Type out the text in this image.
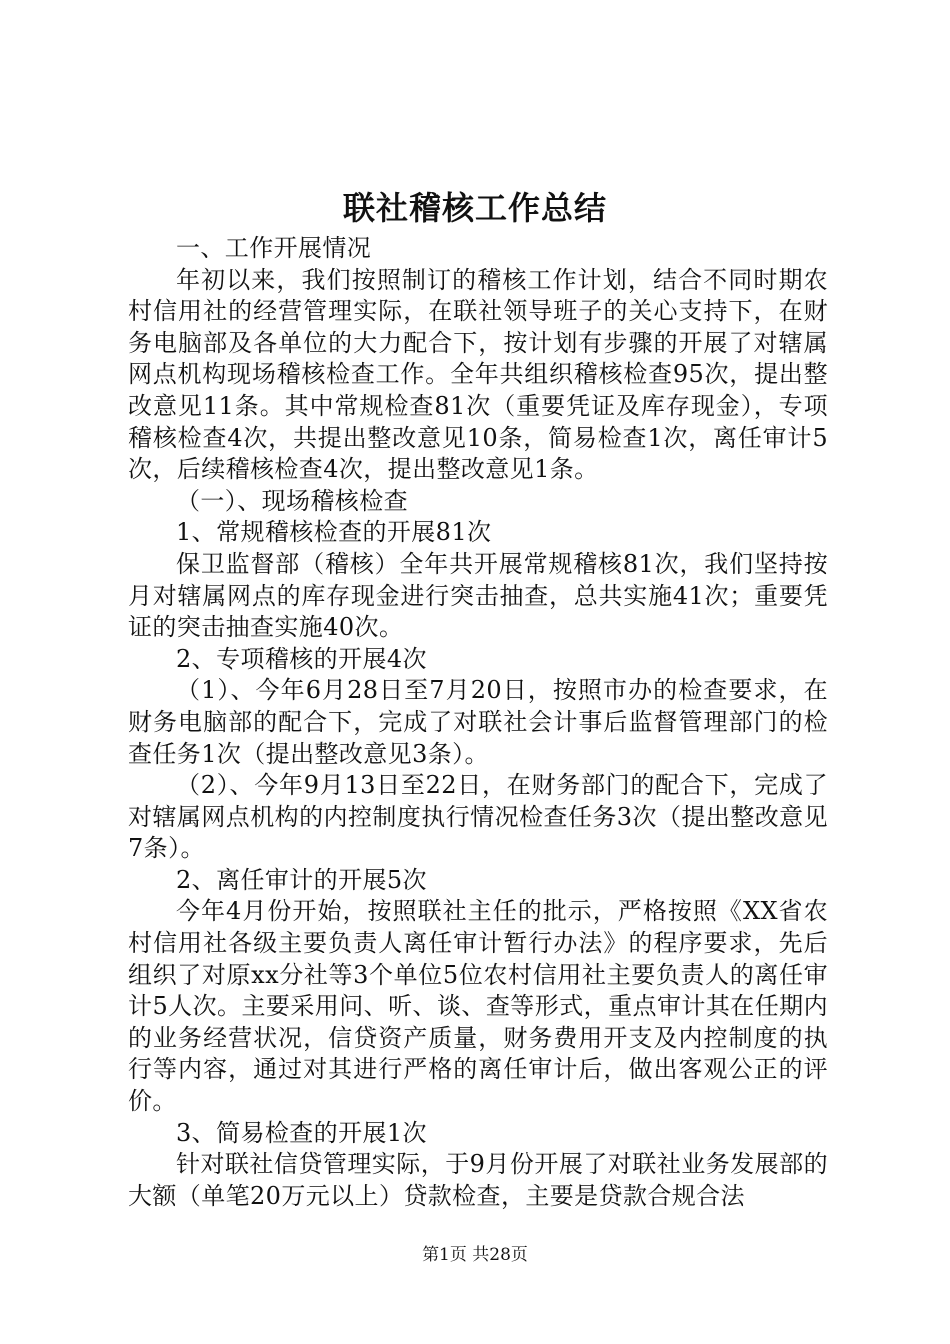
联社稽核工作总结

一、工作开展情况

年初以来，我们按照制订的稽核工作计划，结合不同时期农村信用社的经营管理实际，在联社领导班子的关心支持下，在财务电脑部及各单位的大力配合下，按计划有步骤的开展了对辖属网点机构现场稽核检查工作。全年共组织稽核检查95次，提出整改意见11条。其中常规检查81次（重要凭证及库存现金），专项稽核检查4次，共提出整改意见10条，简易检查1次，离任审计5次，后续稽核检查4次，提出整改意见1条。

（一）、现场稽核检查

1、常规稽核检查的开展81次

保卫监督部（稽核）全年共开展常规稽核81次，我们坚持按月对辖属网点的库存现金进行突击抽查，总共实施41次；重要凭证的突击抽查实施40次。

2、专项稽核的开展4次

（1）、今年6月28日至7月20日，按照市办的检查要求，在财务电脑部的配合下，完成了对联社会计事后监督管理部门的检查任务1次（提出整改意见3条）。

（2）、今年9月13日至22日，在财务部门的配合下，完成了对辖属网点机构的内控制度执行情况检查任务3次（提出整改意见7条）。

2、离任审计的开展5次

今年4月份开始，按照联社主任的批示，严格按照《XX省农村信用社各级主要负责人离任审计暂行办法》的程序要求，先后组织了对原xx分社等3个单位5位农村信用社主要负责人的离任审计5人次。主要采用问、听、谈、查等形式，重点审计其在任期内的业务经营状况，信贷资产质量，财务费用开支及内控制度的执行等内容，通过对其进行严格的离任审计后，做出客观公正的评价。

3、简易检查的开展1次

针对联社信贷管理实际，于9月份开展了对联社业务发展部的大额（单笔20万元以上）贷款检查，主要是贷款合规合法

第1页 共28页
